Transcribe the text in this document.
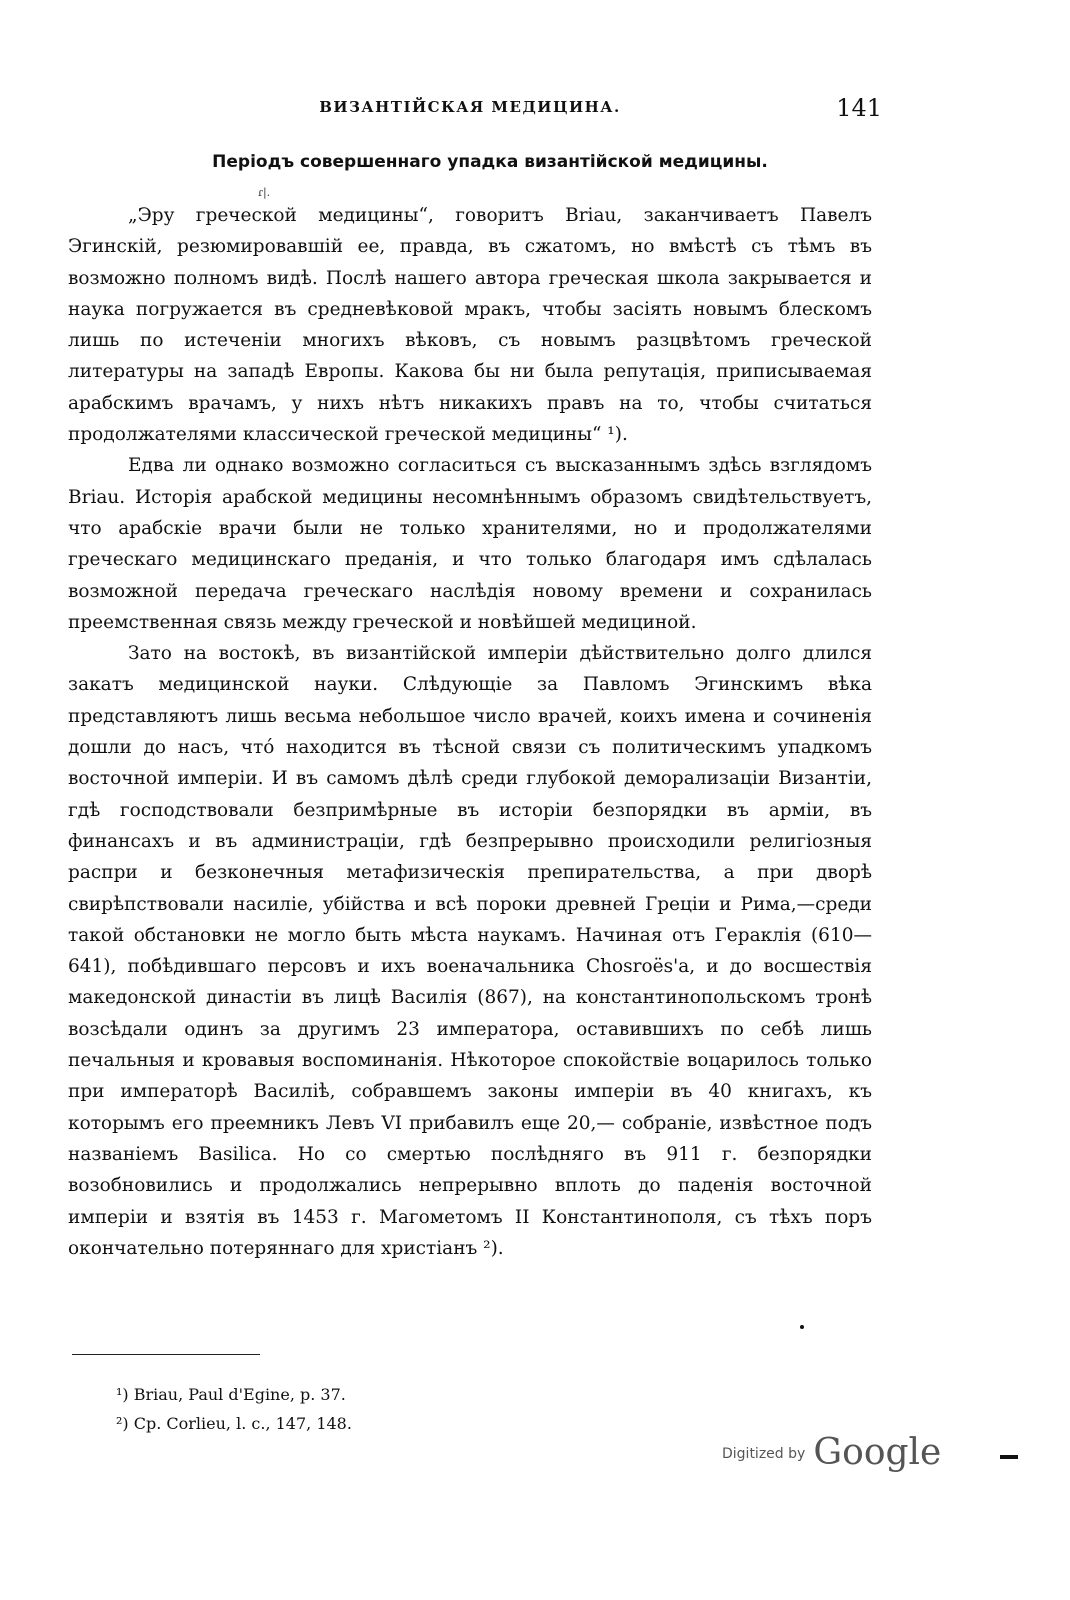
ВИЗАНТІЙСКАЯ МЕДИЦИНА.	141
Періодъ совершеннаго упадка византійской медицины.
ɾ|.

„Эру греческой медицины“, говоритъ Briau, заканчиваетъ Павелъ Эгинскій, резюмировавшій ее, правда, въ сжатомъ, но вмѣстѣ съ тѣмъ въ возможно полномъ видѣ. Послѣ нашего автора греческая школа закрывается и наука погружается въ средневѣковой мракъ, чтобы засіять новымъ блескомъ лишь по истеченіи многихъ вѣковъ, съ новымъ разцвѣтомъ греческой литературы на западѣ Европы. Какова бы ни была репутація, приписываемая арабскимъ врачамъ, у нихъ нѣтъ никакихъ правъ на то, чтобы считаться продолжателями классической греческой медицины“ ¹).

Едва ли однако возможно согласиться съ высказаннымъ здѣсь взглядомъ Briau. Исторія арабской медицины несомнѣннымъ образомъ свидѣтельствуетъ, что арабскіе врачи были не только хранителями, но и продолжателями греческаго медицинскаго преданія, и что только благодаря имъ сдѣлалась возможной передача греческаго наслѣдія новому времени и сохранилась преемственная связь между греческой и новѣйшей медициной.

Зато на востокѣ, въ византійской имперіи дѣйствительно долго длился закатъ медицинской науки. Слѣдующіе за Павломъ Эгинскимъ вѣка представляютъ лишь весьма небольшое число врачей, коихъ имена и сочиненія дошли до насъ, что́ находится въ тѣсной связи съ политическимъ упадкомъ восточной имперіи. И въ самомъ дѣлѣ среди глубокой деморализаціи Византіи, гдѣ господствовали безпримѣрные въ исторіи безпорядки въ арміи, въ финансахъ и въ администраціи, гдѣ безпрерывно происходили религіозныя распри и безконечныя метафизическія препирательства, а при дворѣ свирѣпствовали насиліе, убійства и всѣ пороки древней Греціи и Рима,—среди такой обстановки не могло быть мѣста наукамъ. Начиная отъ Гераклія (610—641), побѣдившаго персовъ и ихъ военачальника Chosroës'а, и до восшествія македонской династіи въ лицѣ Василія (867), на константинопольскомъ тронѣ возсѣдали одинъ за другимъ 23 императора, оставившихъ по себѣ лишь печальныя и кровавыя воспоминанія. Нѣкоторое спокойствіе воцарилось только при императорѣ Василіѣ, собравшемъ законы имперіи въ 40 книгахъ, къ которымъ его преемникъ Левъ VI прибавилъ еще 20,— собраніе, извѣстное подъ названіемъ Basilica. Но со смертью послѣдняго въ 911 г. безпорядки возобновились и продолжались непрерывно вплоть до паденія восточной имперіи и взятія въ 1453 г. Магометомъ II Константинополя, съ тѣхъ поръ окончательно потеряннаго для христіанъ ²).

¹) Briau, Paul d'Egine, p. 37.
²) Cp. Corlieu, l. c., 147, 148.
Digitized by Google
